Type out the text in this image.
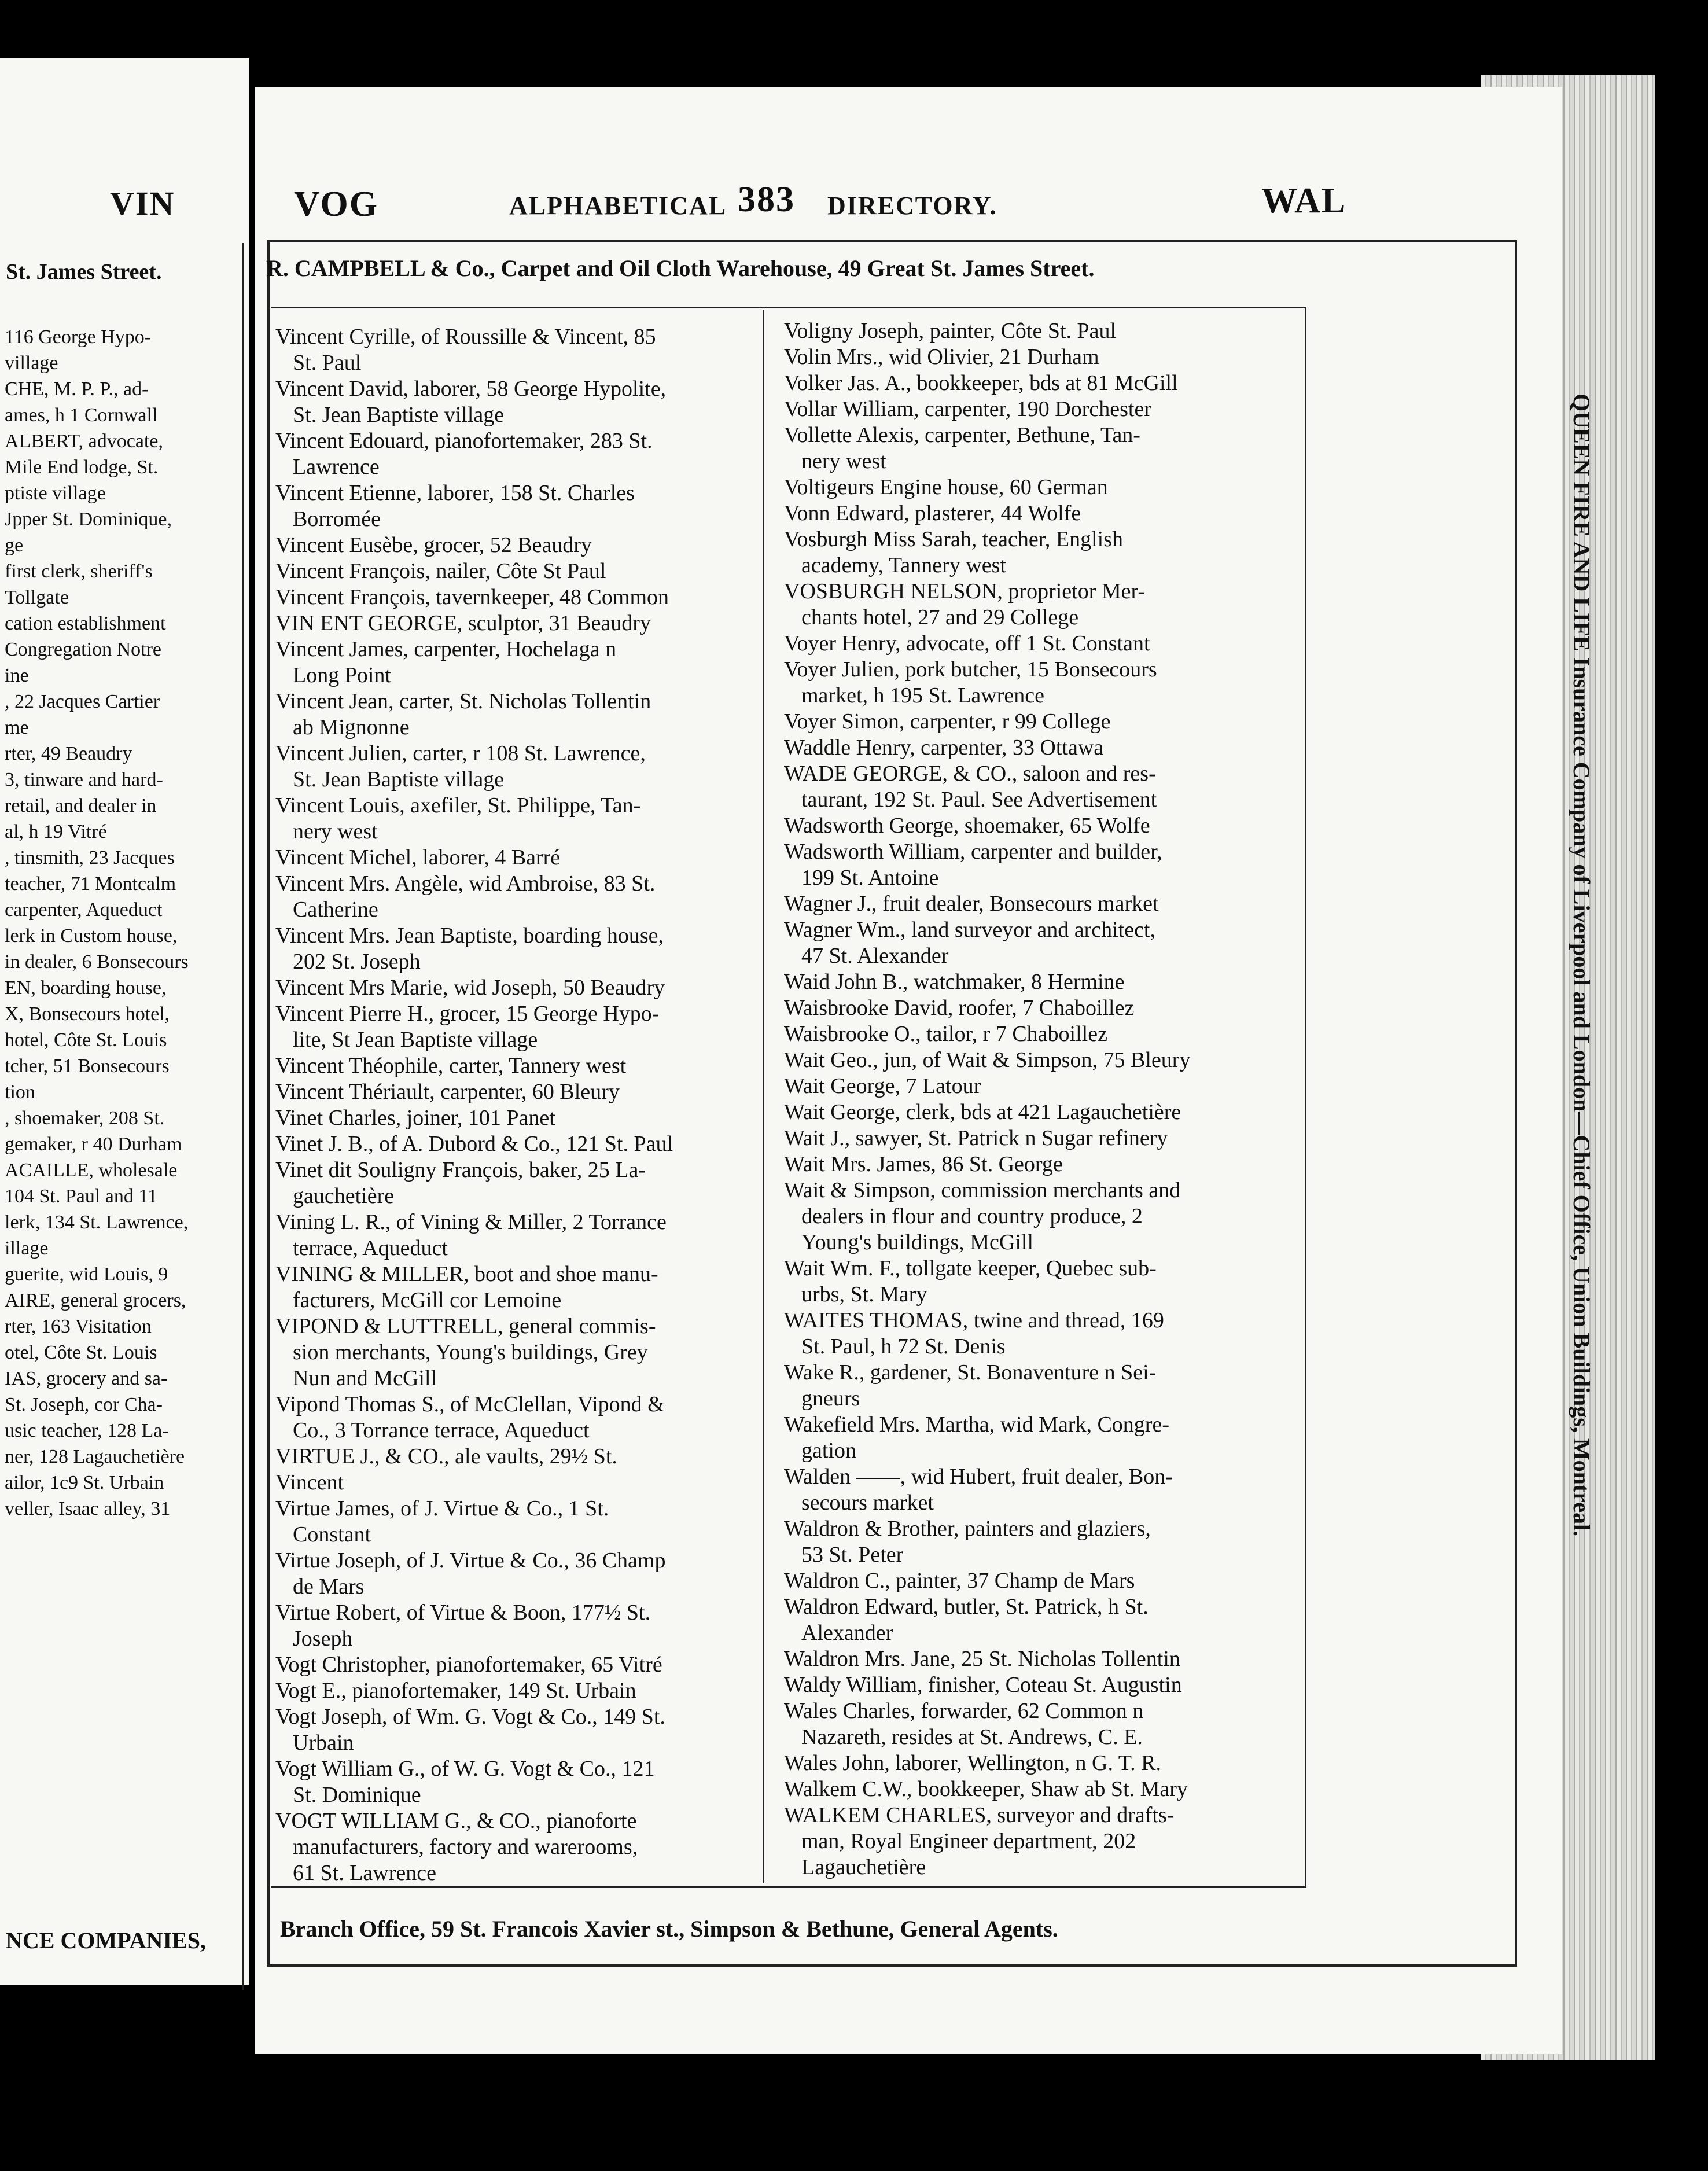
VIN
St. James Street.
116 George Hypo-
village
CHE, M. P. P., ad-
ames, h 1 Cornwall
ALBERT, advocate,
Mile End lodge, St.
ptiste village
Jpper St. Dominique,
ge
first clerk, sheriff's
Tollgate
cation establishment
Congregation Notre
ine
, 22 Jacques Cartier
me
rter, 49 Beaudry
3, tinware and hard-
retail, and dealer in
al, h 19 Vitré
, tinsmith, 23 Jacques
teacher, 71 Montcalm
carpenter, Aqueduct
lerk in Custom house,
in dealer, 6 Bonsecours
EN, boarding house,
X, Bonsecours hotel,
hotel, Côte St. Louis
tcher, 51 Bonsecours
tion
, shoemaker, 208 St.
gemaker, r 40 Durham
ACAILLE, wholesale
104 St. Paul and 11
lerk, 134 St. Lawrence,
illage
guerite, wid Louis, 9
AIRE, general grocers,
rter, 163 Visitation
otel, Côte St. Louis
IAS, grocery and sa-
St. Joseph, cor Cha-
usic teacher, 128 La-
ner, 128 Lagauchetière
ailor, 1c9 St. Urbain
veller, Isaac alley, 31
NCE COMPANIES,
VOG	ALPHABETICAL 383 DIRECTORY.	WAL
R. CAMPBELL & Co., Carpet and Oil Cloth Warehouse, 49 Great St. James Street.
Vincent Cyrille, of Roussille & Vincent, 85
St. Paul
Vincent David, laborer, 58 George Hypolite,
St. Jean Baptiste village
Vincent Edouard, pianofortemaker, 283 St.
Lawrence
Vincent Etienne, laborer, 158 St. Charles
Borromée
Vincent Eusèbe, grocer, 52 Beaudry
Vincent François, nailer, Côte St Paul
Vincent François, tavernkeeper, 48 Common
VIN ENT GEORGE, sculptor, 31 Beaudry
Vincent James, carpenter, Hochelaga n
Long Point
Vincent Jean, carter, St. Nicholas Tollentin
ab Mignonne
Vincent Julien, carter, r 108 St. Lawrence,
St. Jean Baptiste village
Vincent Louis, axefiler, St. Philippe, Tan-
nery west
Vincent Michel, laborer, 4 Barré
Vincent Mrs. Angèle, wid Ambroise, 83 St.
Catherine
Vincent Mrs. Jean Baptiste, boarding house,
202 St. Joseph
Vincent Mrs Marie, wid Joseph, 50 Beaudry
Vincent Pierre H., grocer, 15 George Hypo-
lite, St Jean Baptiste village
Vincent Théophile, carter, Tannery west
Vincent Thériault, carpenter, 60 Bleury
Vinet Charles, joiner, 101 Panet
Vinet J. B., of A. Dubord & Co., 121 St. Paul
Vinet dit Souligny François, baker, 25 La-
gauchetière
Vining L. R., of Vining & Miller, 2 Torrance
terrace, Aqueduct
VINING & MILLER, boot and shoe manu-
facturers, McGill cor Lemoine
VIPOND & LUTTRELL, general commis-
sion merchants, Young's buildings, Grey
Nun and McGill
Vipond Thomas S., of McClellan, Vipond &
Co., 3 Torrance terrace, Aqueduct
VIRTUE J., & CO., ale vaults, 29½ St.
Vincent
Virtue James, of J. Virtue & Co., 1 St.
Constant
Virtue Joseph, of J. Virtue & Co., 36 Champ
de Mars
Virtue Robert, of Virtue & Boon, 177½ St.
Joseph
Vogt Christopher, pianofortemaker, 65 Vitré
Vogt E., pianofortemaker, 149 St. Urbain
Vogt Joseph, of Wm. G. Vogt & Co., 149 St.
Urbain
Vogt William G., of W. G. Vogt & Co., 121
St. Dominique
VOGT WILLIAM G., & CO., pianoforte
manufacturers, factory and warerooms,
61 St. Lawrence
Voligny Joseph, painter, Côte St. Paul
Volin Mrs., wid Olivier, 21 Durham
Volker Jas. A., bookkeeper, bds at 81 McGill
Vollar William, carpenter, 190 Dorchester
Vollette Alexis, carpenter, Bethune, Tan-
nery west
Voltigeurs Engine house, 60 German
Vonn Edward, plasterer, 44 Wolfe
Vosburgh Miss Sarah, teacher, English
academy, Tannery west
VOSBURGH NELSON, proprietor Mer-
chants hotel, 27 and 29 College
Voyer Henry, advocate, off 1 St. Constant
Voyer Julien, pork butcher, 15 Bonsecours
market, h 195 St. Lawrence
Voyer Simon, carpenter, r 99 College
Waddle Henry, carpenter, 33 Ottawa
WADE GEORGE, & CO., saloon and res-
taurant, 192 St. Paul. See Advertisement
Wadsworth George, shoemaker, 65 Wolfe
Wadsworth William, carpenter and builder,
199 St. Antoine
Wagner J., fruit dealer, Bonsecours market
Wagner Wm., land surveyor and architect,
47 St. Alexander
Waid John B., watchmaker, 8 Hermine
Waisbrooke David, roofer, 7 Chaboillez
Waisbrooke O., tailor, r 7 Chaboillez
Wait Geo., jun, of Wait & Simpson, 75 Bleury
Wait George, 7 Latour
Wait George, clerk, bds at 421 Lagauchetière
Wait J., sawyer, St. Patrick n Sugar refinery
Wait Mrs. James, 86 St. George
Wait & Simpson, commission merchants and
dealers in flour and country produce, 2
Young's buildings, McGill
Wait Wm. F., tollgate keeper, Quebec sub-
urbs, St. Mary
WAITES THOMAS, twine and thread, 169
St. Paul, h 72 St. Denis
Wake R., gardener, St. Bonaventure n Sei-
gneurs
Wakefield Mrs. Martha, wid Mark, Congre-
gation
Walden ——, wid Hubert, fruit dealer, Bon-
secours market
Waldron & Brother, painters and glaziers,
53 St. Peter
Waldron C., painter, 37 Champ de Mars
Waldron Edward, butler, St. Patrick, h St.
Alexander
Waldron Mrs. Jane, 25 St. Nicholas Tollentin
Waldy William, finisher, Coteau St. Augustin
Wales Charles, forwarder, 62 Common n
Nazareth, resides at St. Andrews, C. E.
Wales John, laborer, Wellington, n G. T. R.
Walkem C.W., bookkeeper, Shaw ab St. Mary
WALKEM CHARLES, surveyor and drafts-
man, Royal Engineer department, 202
Lagauchetière
QUEEN FIRE AND LIFE Insurance Company of Liverpool and London—Chief Office, Union Buildings, Montreal.
Branch Office, 59 St. Francois Xavier st., Simpson & Bethune, General Agents.
